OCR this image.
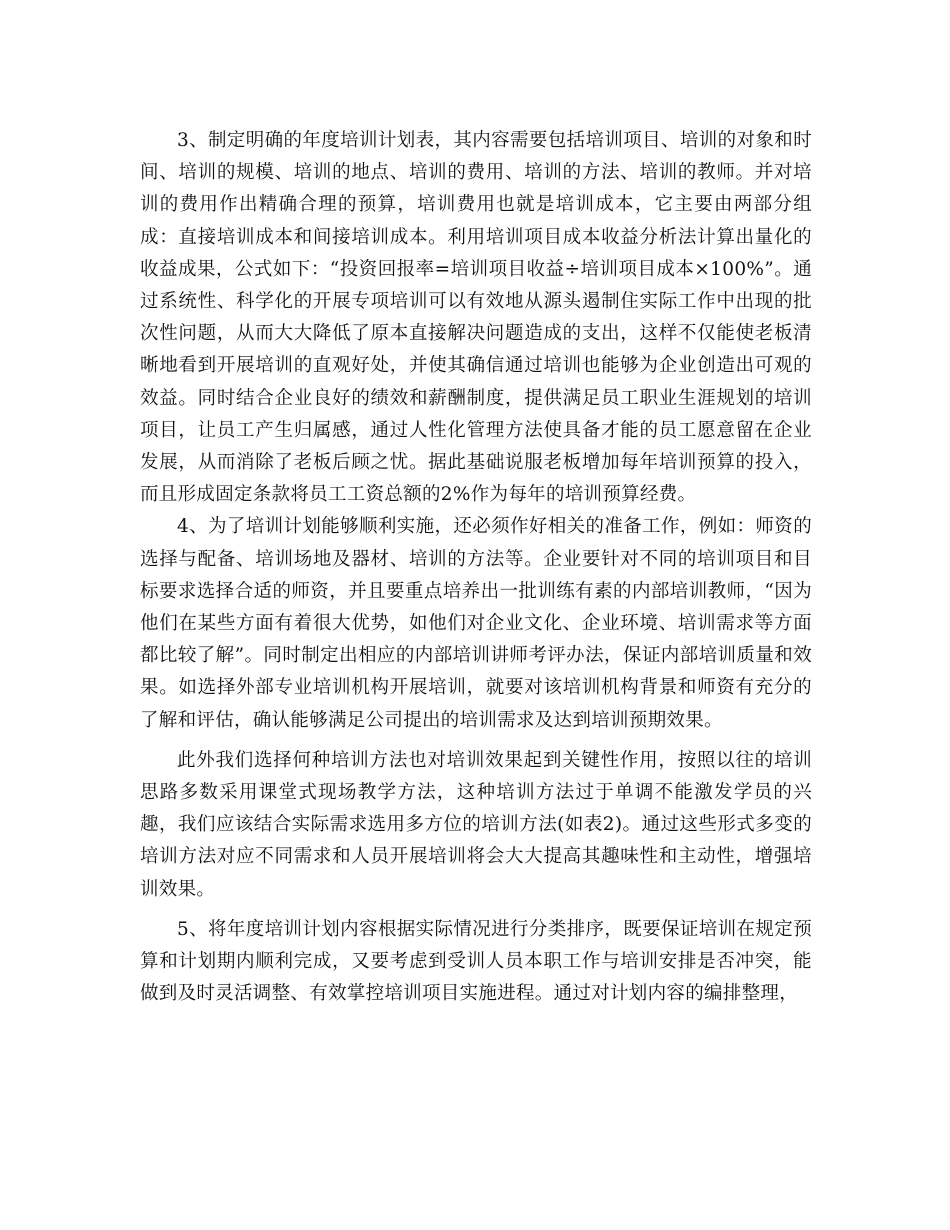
3、制定明确的年度培训计划表，其内容需要包括培训项目、培训的对象和时间、培训的规模、培训的地点、培训的费用、培训的方法、培训的教师。并对培训的费用作出精确合理的预算，培训费用也就是培训成本，它主要由两部分组成：直接培训成本和间接培训成本。利用培训项目成本收益分析法计算出量化的收益成果，公式如下：“投资回报率=培训项目收益÷培训项目成本×100%”。通过系统性、科学化的开展专项培训可以有效地从源头遏制住实际工作中出现的批次性问题，从而大大降低了原本直接解决问题造成的支出，这样不仅能使老板清晰地看到开展培训的直观好处，并使其确信通过培训也能够为企业创造出可观的效益。同时结合企业良好的绩效和薪酬制度，提供满足员工职业生涯规划的培训项目，让员工产生归属感，通过人性化管理方法使具备才能的员工愿意留在企业发展，从而消除了老板后顾之忧。据此基础说服老板增加每年培训预算的投入，而且形成固定条款将员工工资总额的2%作为每年的培训预算经费。

4、为了培训计划能够顺利实施，还必须作好相关的准备工作，例如：师资的选择与配备、培训场地及器材、培训的方法等。企业要针对不同的培训项目和目标要求选择合适的师资，并且要重点培养出一批训练有素的内部培训教师，“因为他们在某些方面有着很大优势，如他们对企业文化、企业环境、培训需求等方面都比较了解”。同时制定出相应的内部培训讲师考评办法，保证内部培训质量和效果。如选择外部专业培训机构开展培训，就要对该培训机构背景和师资有充分的了解和评估，确认能够满足公司提出的培训需求及达到培训预期效果。

此外我们选择何种培训方法也对培训效果起到关键性作用，按照以往的培训思路多数采用课堂式现场教学方法，这种培训方法过于单调不能激发学员的兴趣，我们应该结合实际需求选用多方位的培训方法(如表2)。通过这些形式多变的培训方法对应不同需求和人员开展培训将会大大提高其趣味性和主动性，增强培训效果。

5、将年度培训计划内容根据实际情况进行分类排序，既要保证培训在规定预算和计划期内顺利完成，又要考虑到受训人员本职工作与培训安排是否冲突，能做到及时灵活调整、有效掌控培训项目实施进程。通过对计划内容的编排整理，
